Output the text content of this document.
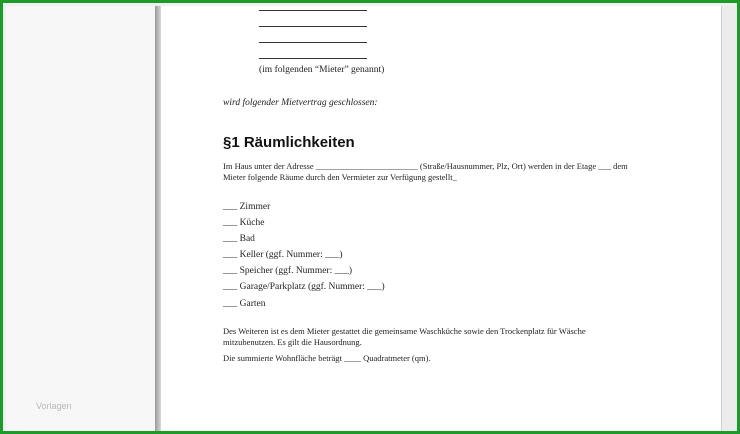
Vorlagen
(im folgenden “Mieter” genannt)
wird folgender Mietvertrag geschlossen:
§1 Räumlichkeiten
Im Haus unter der Adresse ________________________ (Straße/Hausnummer, Plz, Ort) werden in der Etage ___ dem
Mieter folgende Räume durch den Vermieter zur Verfügung gestellt_
___ Zimmer
___ Küche
___ Bad
___ Keller (ggf. Nummer: ___)
___ Speicher (ggf. Nummer: ___)
___ Garage/Parkplatz (ggf. Nummer: ___)
___ Garten
Des Weiteren ist es dem Mieter gestattet die gemeinsame Waschküche sowie den Trockenplatz für Wäsche
mitzubenutzen. Es gilt die Hausordnung.
Die summierte Wohnfläche beträgt ____ Quadratmeter (qm).
